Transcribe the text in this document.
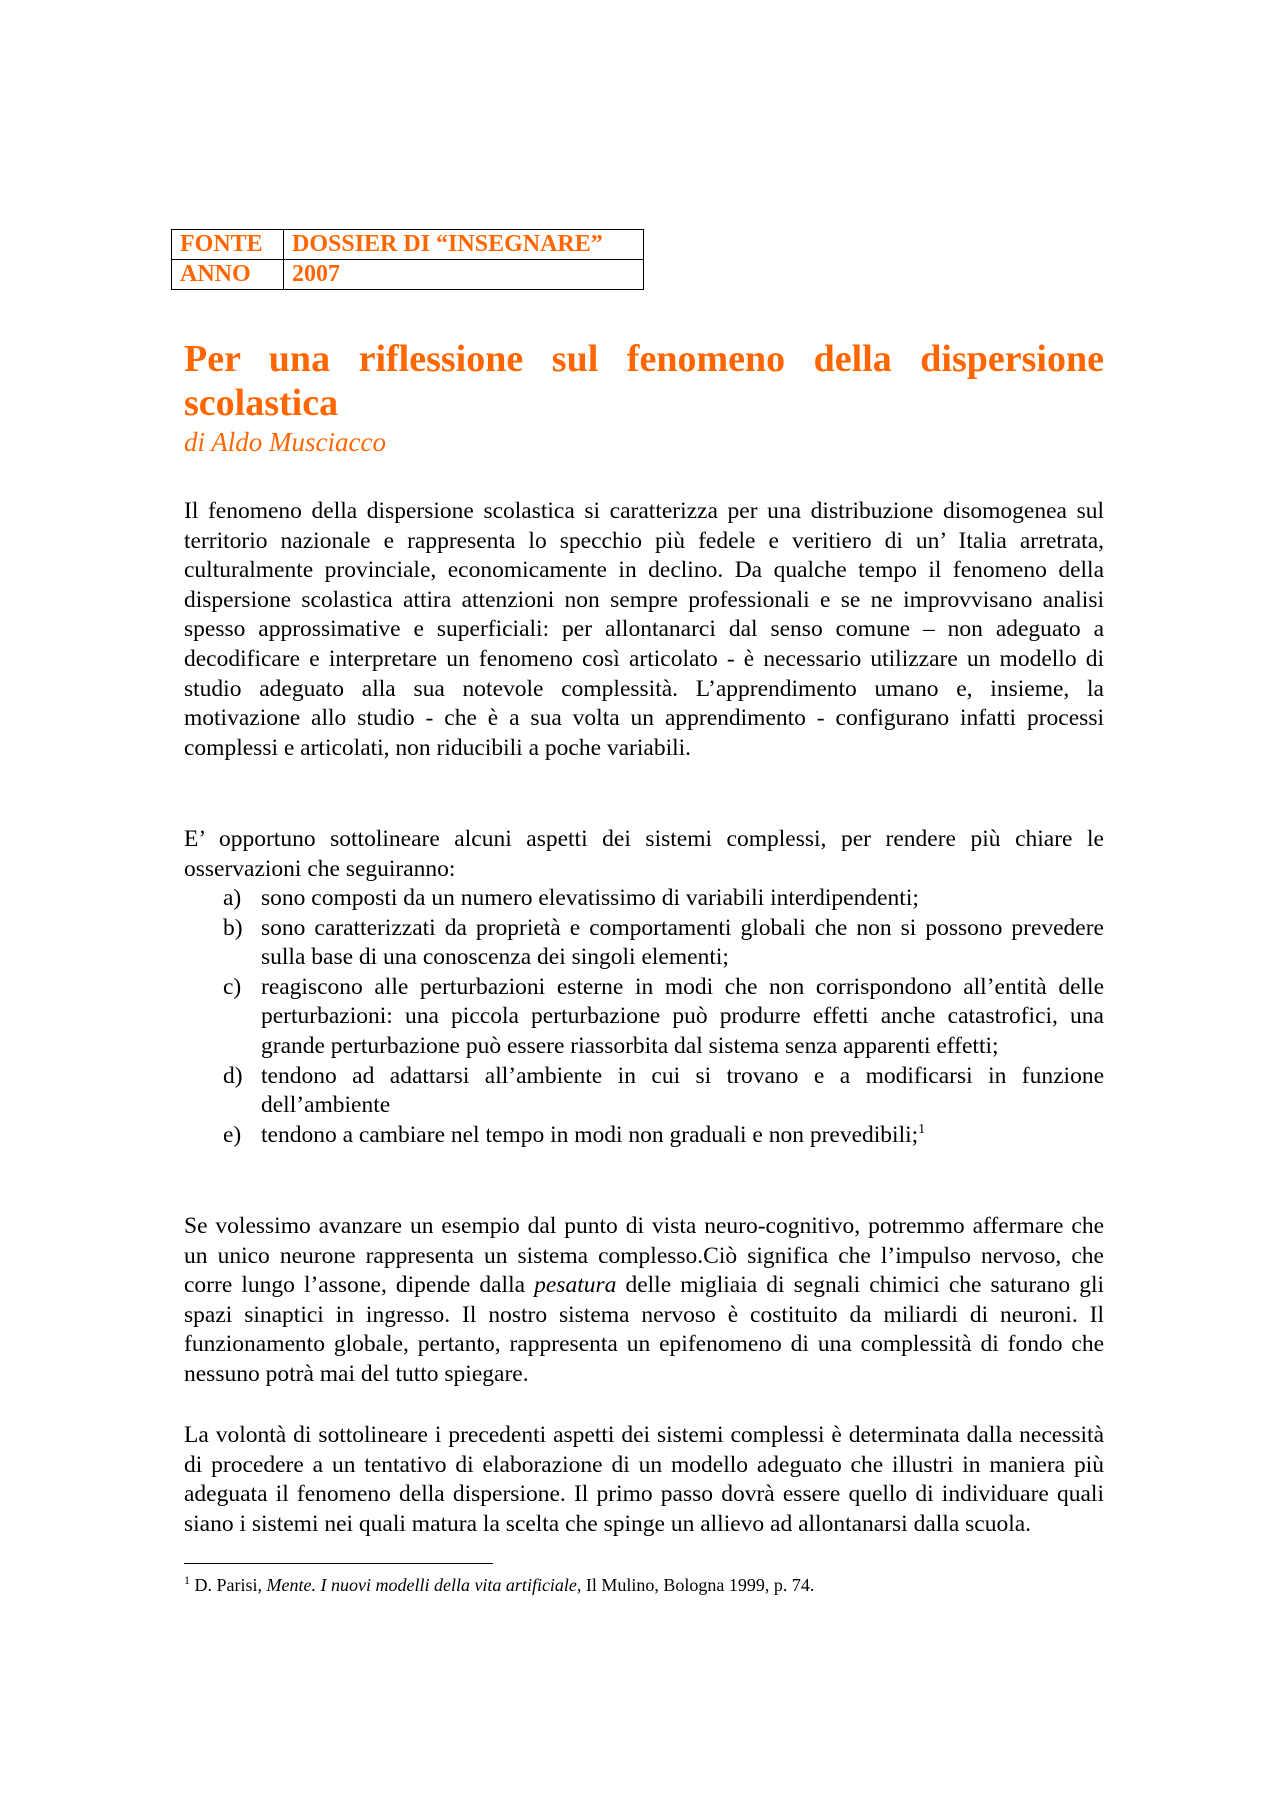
FONTE	DOSSIER DI “INSEGNARE”
ANNO	2007
Per una riflessione sul fenomeno della dispersione
scolastica

di Aldo Musciacco

Il fenomeno della dispersione scolastica si caratterizza per una distribuzione disomogenea sul territorio nazionale e rappresenta lo specchio più fedele e veritiero di un’ Italia arretrata, culturalmente provinciale, economicamente in declino. Da qualche tempo il fenomeno della dispersione scolastica attira attenzioni non sempre professionali e se ne improvvisano analisi spesso approssimative e superficiali: per allontanarci dal senso comune – non adeguato a decodificare e interpretare un fenomeno così articolato - è necessario utilizzare un modello di studio adeguato alla sua notevole complessità. L’apprendimento umano e, insieme, la motivazione allo studio - che è a sua volta un apprendimento - configurano infatti processi complessi e articolati, non riducibili a poche variabili.

E’ opportuno sottolineare alcuni aspetti dei sistemi complessi, per rendere più chiare le osservazioni che seguiranno:

a) sono composti da un numero elevatissimo di variabili interdipendenti;
b) sono caratterizzati da proprietà e comportamenti globali che non si possono prevedere sulla base di una conoscenza dei singoli elementi;
c) reagiscono alle perturbazioni esterne in modi che non corrispondono all’entità delle perturbazioni: una piccola perturbazione può produrre effetti anche catastrofici, una grande perturbazione può essere riassorbita dal sistema senza apparenti effetti;
d) tendono ad adattarsi all’ambiente in cui si trovano e a modificarsi in funzione dell’ambiente
e) tendono a cambiare nel tempo in modi non graduali e non prevedibili;$^1$

Se volessimo avanzare un esempio dal punto di vista neuro-cognitivo, potremmo affermare che un unico neurone rappresenta un sistema complesso.Ciò significa che l’impulso nervoso, che corre lungo l’assone, dipende dalla pesatura delle migliaia di segnali chimici che saturano gli spazi sinaptici in ingresso. Il nostro sistema nervoso è costituito da miliardi di neuroni. Il funzionamento globale, pertanto, rappresenta un epifenomeno di una complessità di fondo che nessuno potrà mai del tutto spiegare.

La volontà di sottolineare i precedenti aspetti dei sistemi complessi è determinata dalla necessità di procedere a un tentativo di elaborazione di un modello adeguato che illustri in maniera più adeguata il fenomeno della dispersione. Il primo passo dovrà essere quello di individuare quali siano i sistemi nei quali matura la scelta che spinge un allievo ad allontanarsi dalla scuola.

$^1$ D. Parisi, Mente. I nuovi modelli della vita artificiale, Il Mulino, Bologna 1999, p. 74.
